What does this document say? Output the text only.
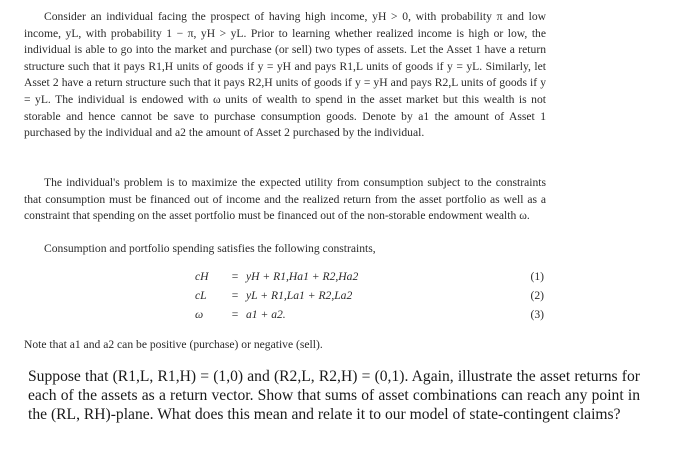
Consider an individual facing the prospect of having high income, yH > 0, with probability π and low income, yL, with probability 1 − π, yH > yL. Prior to learning whether realized income is high or low, the individual is able to go into the market and purchase (or sell) two types of assets. Let the Asset 1 have a return structure such that it pays R1,H units of goods if y = yH and pays R1,L units of goods if y = yL. Similarly, let Asset 2 have a return structure such that it pays R2,H units of goods if y = yH and pays R2,L units of goods if y = yL. The individual is endowed with ω units of wealth to spend in the asset market but this wealth is not storable and hence cannot be save to purchase consumption goods. Denote by a1 the amount of Asset 1 purchased by the individual and a2 the amount of Asset 2 purchased by the individual.
The individual's problem is to maximize the expected utility from consumption subject to the constraints that consumption must be financed out of income and the realized return from the asset portfolio as well as a constraint that spending on the asset portfolio must be financed out of the non-storable endowment wealth ω.
Consumption and portfolio spending satisfies the following constraints,
cH	= yH + R1,Ha1 + R2,Ha2	(1)
cL	= yL + R1,La1 + R2,La2	(2)
ω	= a1 + a2.	(3)
Note that a1 and a2 can be positive (purchase) or negative (sell).
Suppose that (R1,L, R1,H) = (1,0) and (R2,L, R2,H) = (0,1). Again, illustrate the asset returns for each of the assets as a return vector. Show that sums of asset combinations can reach any point in the (RL, RH)-plane. What does this mean and relate it to our model of state-contingent claims?
